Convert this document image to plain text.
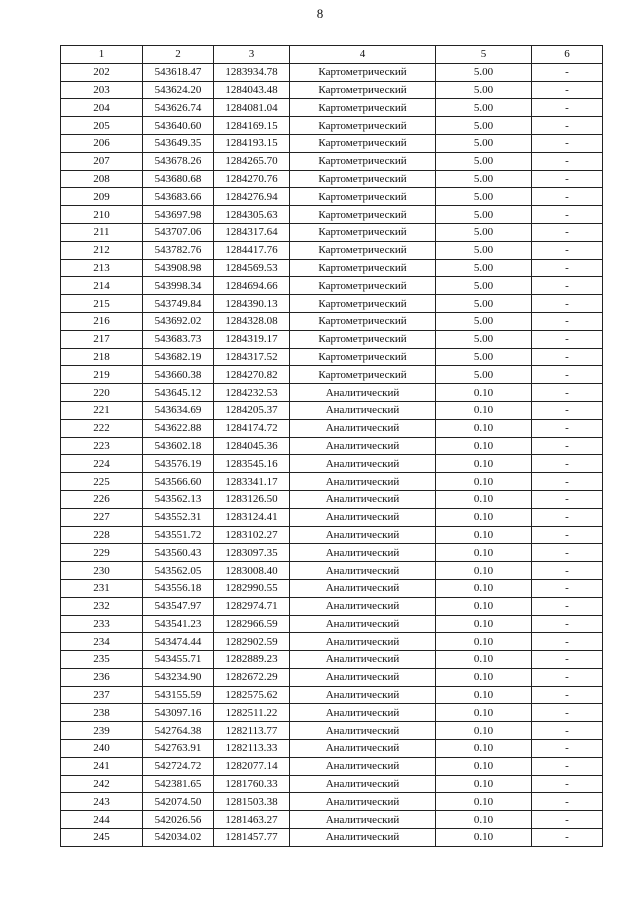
8
1	2	3	4	5	6
202	543618.47	1283934.78	Картометрический	5.00	-
203	543624.20	1284043.48	Картометрический	5.00	-
204	543626.74	1284081.04	Картометрический	5.00	-
205	543640.60	1284169.15	Картометрический	5.00	-
206	543649.35	1284193.15	Картометрический	5.00	-
207	543678.26	1284265.70	Картометрический	5.00	-
208	543680.68	1284270.76	Картометрический	5.00	-
209	543683.66	1284276.94	Картометрический	5.00	-
210	543697.98	1284305.63	Картометрический	5.00	-
211	543707.06	1284317.64	Картометрический	5.00	-
212	543782.76	1284417.76	Картометрический	5.00	-
213	543908.98	1284569.53	Картометрический	5.00	-
214	543998.34	1284694.66	Картометрический	5.00	-
215	543749.84	1284390.13	Картометрический	5.00	-
216	543692.02	1284328.08	Картометрический	5.00	-
217	543683.73	1284319.17	Картометрический	5.00	-
218	543682.19	1284317.52	Картометрический	5.00	-
219	543660.38	1284270.82	Картометрический	5.00	-
220	543645.12	1284232.53	Аналитический	0.10	-
221	543634.69	1284205.37	Аналитический	0.10	-
222	543622.88	1284174.72	Аналитический	0.10	-
223	543602.18	1284045.36	Аналитический	0.10	-
224	543576.19	1283545.16	Аналитический	0.10	-
225	543566.60	1283341.17	Аналитический	0.10	-
226	543562.13	1283126.50	Аналитический	0.10	-
227	543552.31	1283124.41	Аналитический	0.10	-
228	543551.72	1283102.27	Аналитический	0.10	-
229	543560.43	1283097.35	Аналитический	0.10	-
230	543562.05	1283008.40	Аналитический	0.10	-
231	543556.18	1282990.55	Аналитический	0.10	-
232	543547.97	1282974.71	Аналитический	0.10	-
233	543541.23	1282966.59	Аналитический	0.10	-
234	543474.44	1282902.59	Аналитический	0.10	-
235	543455.71	1282889.23	Аналитический	0.10	-
236	543234.90	1282672.29	Аналитический	0.10	-
237	543155.59	1282575.62	Аналитический	0.10	-
238	543097.16	1282511.22	Аналитический	0.10	-
239	542764.38	1282113.77	Аналитический	0.10	-
240	542763.91	1282113.33	Аналитический	0.10	-
241	542724.72	1282077.14	Аналитический	0.10	-
242	542381.65	1281760.33	Аналитический	0.10	-
243	542074.50	1281503.38	Аналитический	0.10	-
244	542026.56	1281463.27	Аналитический	0.10	-
245	542034.02	1281457.77	Аналитический	0.10	-
